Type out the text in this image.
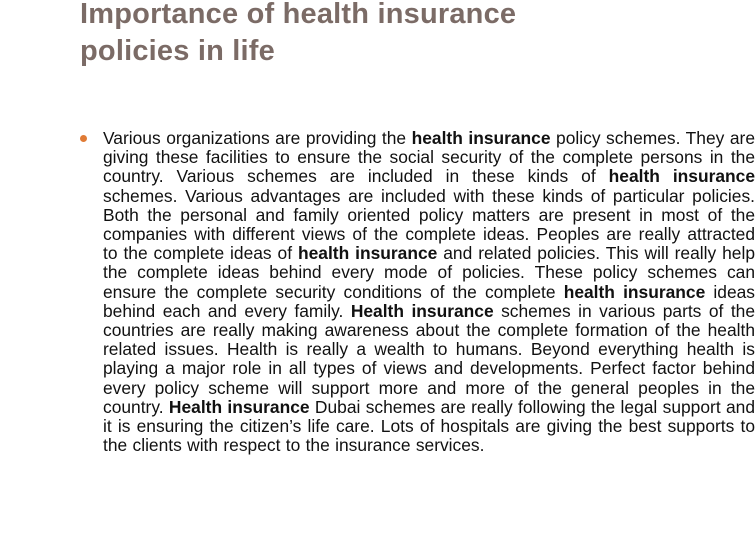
Importance of health insurance
policies in life

Various organizations are providing the health insurance policy schemes. They are giving these facilities to ensure the social security of the complete persons in the country. Various schemes are included in these kinds of health insurance schemes. Various advantages are included with these kinds of particular policies. Both the personal and family oriented policy matters are present in most of the companies with different views of the complete ideas. Peoples are really attracted to the complete ideas of health insurance and related policies. This will really help the complete ideas behind every mode of policies. These policy schemes can ensure the complete security conditions of the complete health insurance ideas behind each and every family. Health insurance schemes in various parts of the countries are really making awareness about the complete formation of the health related issues. Health is really a wealth to humans. Beyond everything health is playing a major role in all types of views and developments. Perfect factor behind every policy scheme will support more and more of the general peoples in the country. Health insurance Dubai schemes are really following the legal support and it is ensuring the citizen’s life care. Lots of hospitals are giving the best supports to the clients with respect to the insurance services.
